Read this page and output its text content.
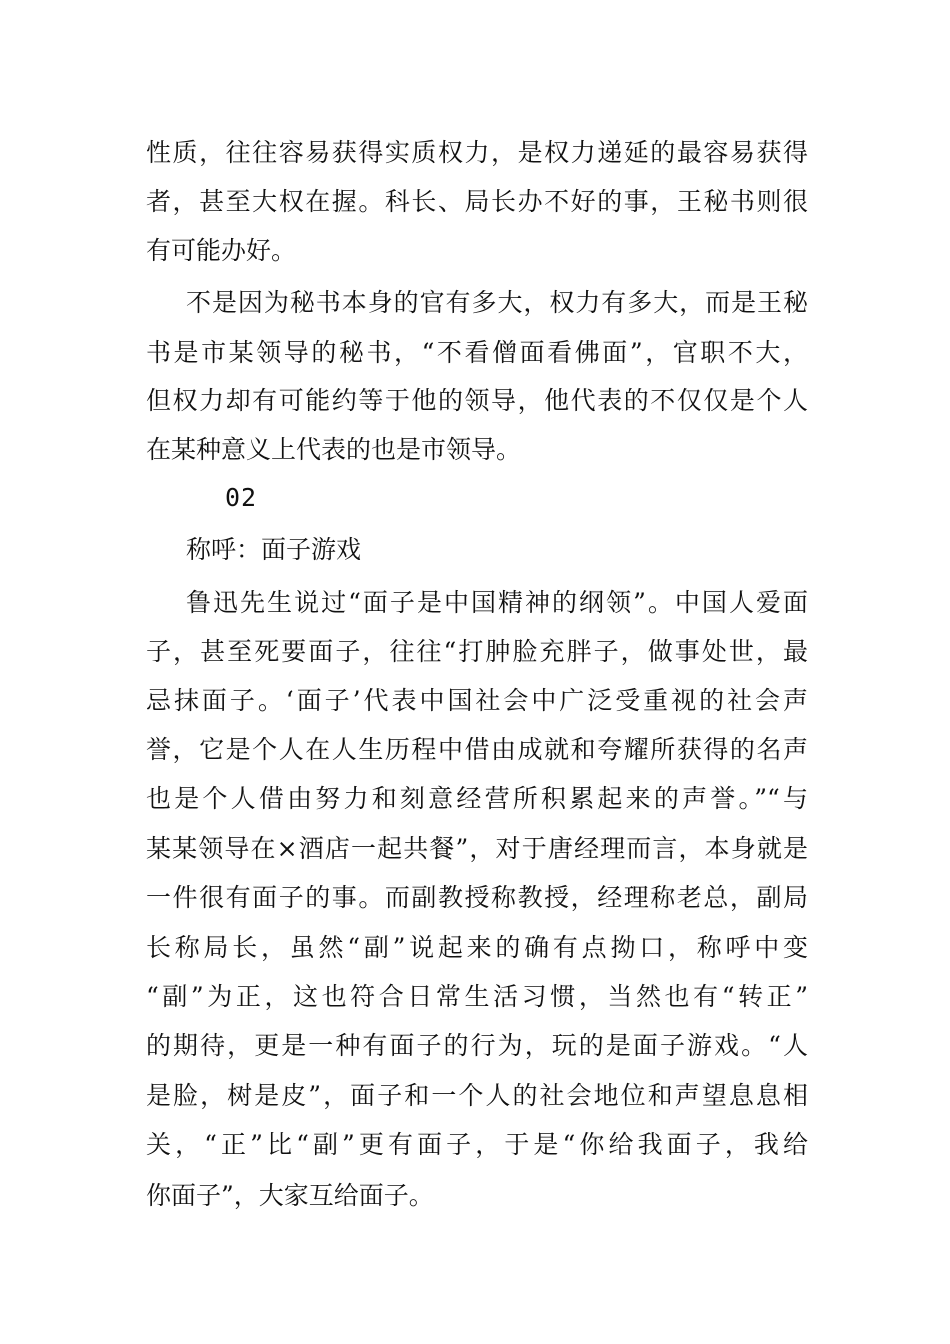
性质，往往容易获得实质权力，是权力递延的最容易获得
者，甚至大权在握。科长、局长办不好的事，王秘书则很
有可能办好。
不是因为秘书本身的官有多大，权力有多大，而是王秘
书是市某领导的秘书，“不看僧面看佛面”，官职不大，
但权力却有可能约等于他的领导，他代表的不仅仅是个人
在某种意义上代表的也是市领导。
02
称呼：面子游戏
鲁迅先生说过“面子是中国精神的纲领”。中国人爱面
子，甚至死要面子，往往“打肿脸充胖子，做事处世，最
忌抹面子。‘面子’代表中国社会中广泛受重视的社会声
誉，它是个人在人生历程中借由成就和夸耀所获得的名声
也是个人借由努力和刻意经营所积累起来的声誉。”“与
某某领导在×酒店一起共餐”，对于唐经理而言，本身就是
一件很有面子的事。而副教授称教授，经理称老总，副局
长称局长，虽然“副”说起来的确有点拗口，称呼中变
“副”为正，这也符合日常生活习惯，当然也有“转正”
的期待，更是一种有面子的行为，玩的是面子游戏。“人
是脸，树是皮”，面子和一个人的社会地位和声望息息相
关，“正”比“副”更有面子，于是“你给我面子，我给
你面子”，大家互给面子。
